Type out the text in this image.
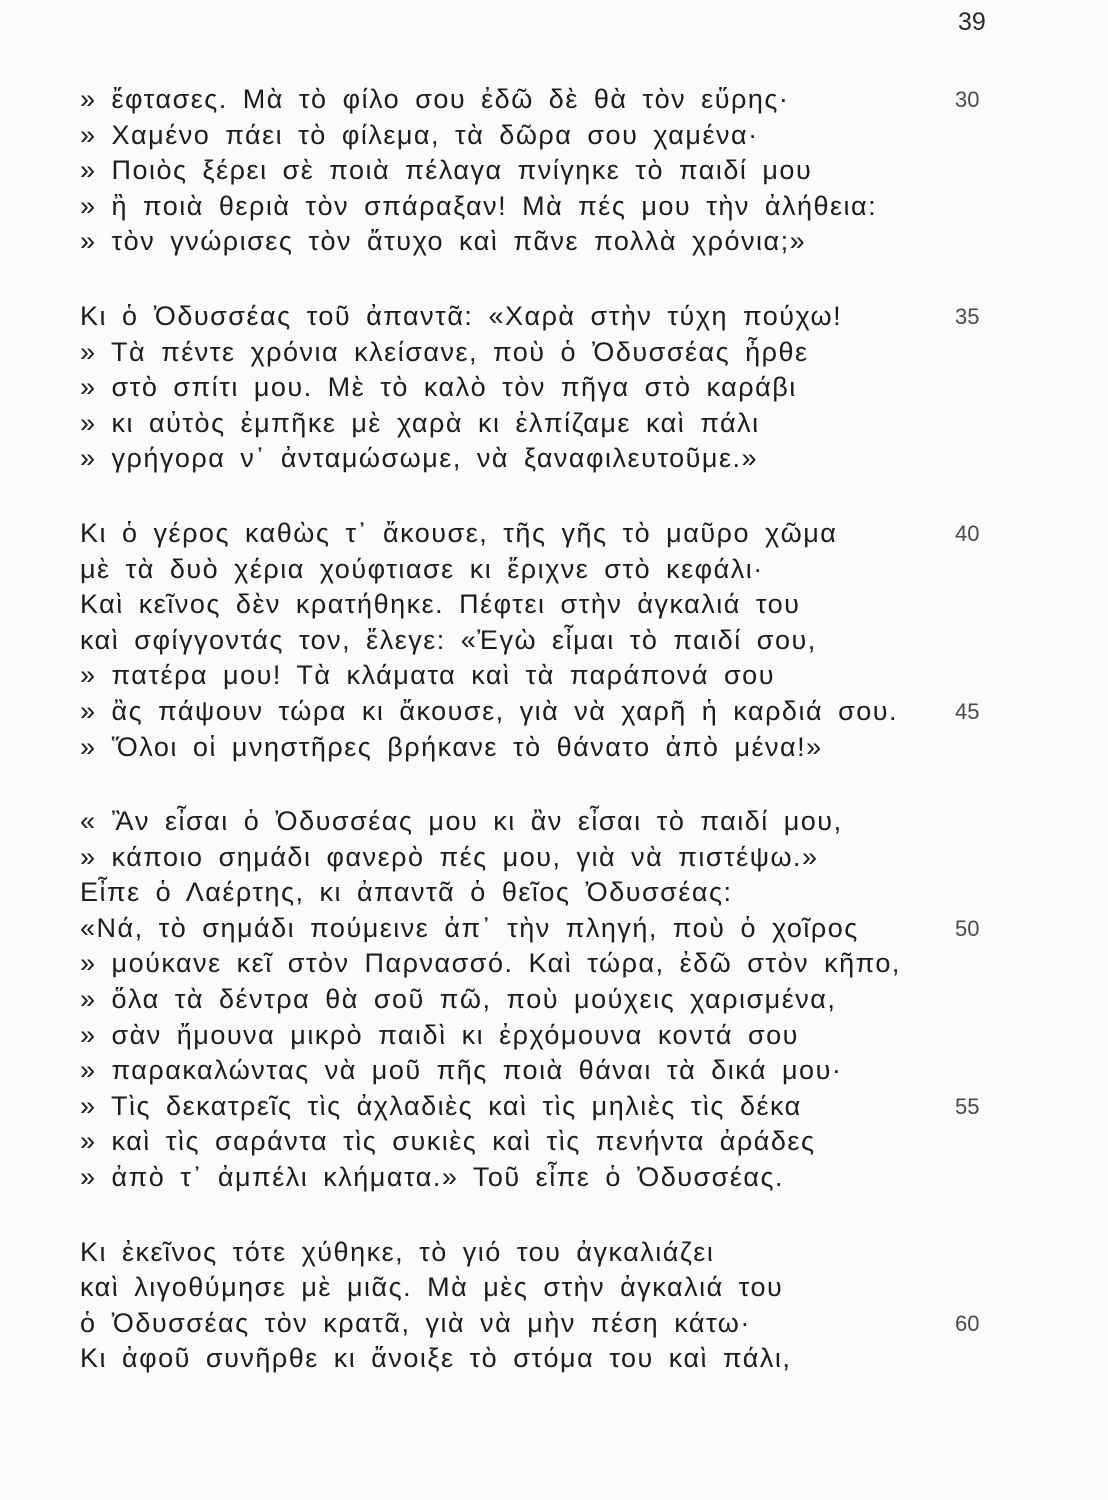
39
» ἔφτασες. Μὰ τὸ φίλο σου ἐδῶ δὲ θὰ τὸν εὕρης·	30
» Χαμένο πάει τὸ φίλεμα, τὰ δῶρα σου χαμένα·
» Ποιὸς ξέρει σὲ ποιὰ πέλαγα πνίγηκε τὸ παιδί μου
» ἢ ποιὰ θεριὰ τὸν σπάραξαν! Μὰ πές μου τὴν ἀλήθεια:
» τὸν γνώρισες τὸν ἄτυχο καὶ πᾶνε πολλὰ χρόνια;»
Κι ὁ Ὀδυσσέας τοῦ ἀπαντᾶ: «Χαρὰ στὴν τύχη πούχω!	35
» Τὰ πέντε χρόνια κλείσανε, ποὺ ὁ Ὀδυσσέας ἦρθε
» στὸ σπίτι μου. Μὲ τὸ καλὸ τὸν πῆγα στὸ καράβι
» κι αὐτὸς ἐμπῆκε μὲ χαρὰ κι ἐλπίζαμε καὶ πάλι
» γρήγορα ν᾿ ἀνταμώσωμε, νὰ ξαναφιλευτοῦμε.»
Κι ὁ γέρος καθὼς τ᾿ ἄκουσε, τῆς γῆς τὸ μαῦρο χῶμα	40
μὲ τὰ δυὸ χέρια χούφτιασε κι ἔριχνε στὸ κεφάλι·
Καὶ κεῖνος δὲν κρατήθηκε. Πέφτει στὴν ἀγκαλιά του
καὶ σφίγγοντάς τον, ἔλεγε: «Ἐγὼ εἶμαι τὸ παιδί σου,
» πατέρα μου! Τὰ κλάματα καὶ τὰ παράπονά σου
» ἂς πάψουν τώρα κι ἄκουσε, γιὰ νὰ χαρῆ ἡ καρδιά σου.	45
» Ὅλοι οἱ μνηστῆρες βρήκανε τὸ θάνατο ἀπὸ μένα!»
« Ἂν εἶσαι ὁ Ὀδυσσέας μου κι ἂν εἶσαι τὸ παιδί μου,
» κάποιο σημάδι φανερὸ πές μου, γιὰ νὰ πιστέψω.»
Εἶπε ὁ Λαέρτης, κι ἀπαντᾶ ὁ θεῖος Ὀδυσσέας:
«Νά, τὸ σημάδι πούμεινε ἀπ᾿ τὴν πληγή, ποὺ ὁ χοῖρος	50
» μούκανε κεῖ στὸν Παρνασσό. Καὶ τώρα, ἐδῶ στὸν κῆπο,
» ὅλα τὰ δέντρα θὰ σοῦ πῶ, ποὺ μούχεις χαρισμένα,
» σὰν ἤμουνα μικρὸ παιδὶ κι ἐρχόμουνα κοντά σου
» παρακαλώντας νὰ μοῦ πῆς ποιὰ θάναι τὰ δικά μου·
» Τὶς δεκατρεῖς τὶς ἀχλαδιὲς καὶ τὶς μηλιὲς τὶς δέκα	55
» καὶ τὶς σαράντα τὶς συκιὲς καὶ τὶς πενήντα ἀράδες
» ἀπὸ τ᾿ ἀμπέλι κλήματα.» Τοῦ εἶπε ὁ Ὀδυσσέας.
Κι ἐκεῖνος τότε χύθηκε, τὸ γιό του ἀγκαλιάζει
καὶ λιγοθύμησε μὲ μιᾶς. Μὰ μὲς στὴν ἀγκαλιά του
ὁ Ὀδυσσέας τὸν κρατᾶ, γιὰ νὰ μὴν πέση κάτω·	60
Κι ἀφοῦ συνῆρθε κι ἄνοιξε τὸ στόμα του καὶ πάλι,
